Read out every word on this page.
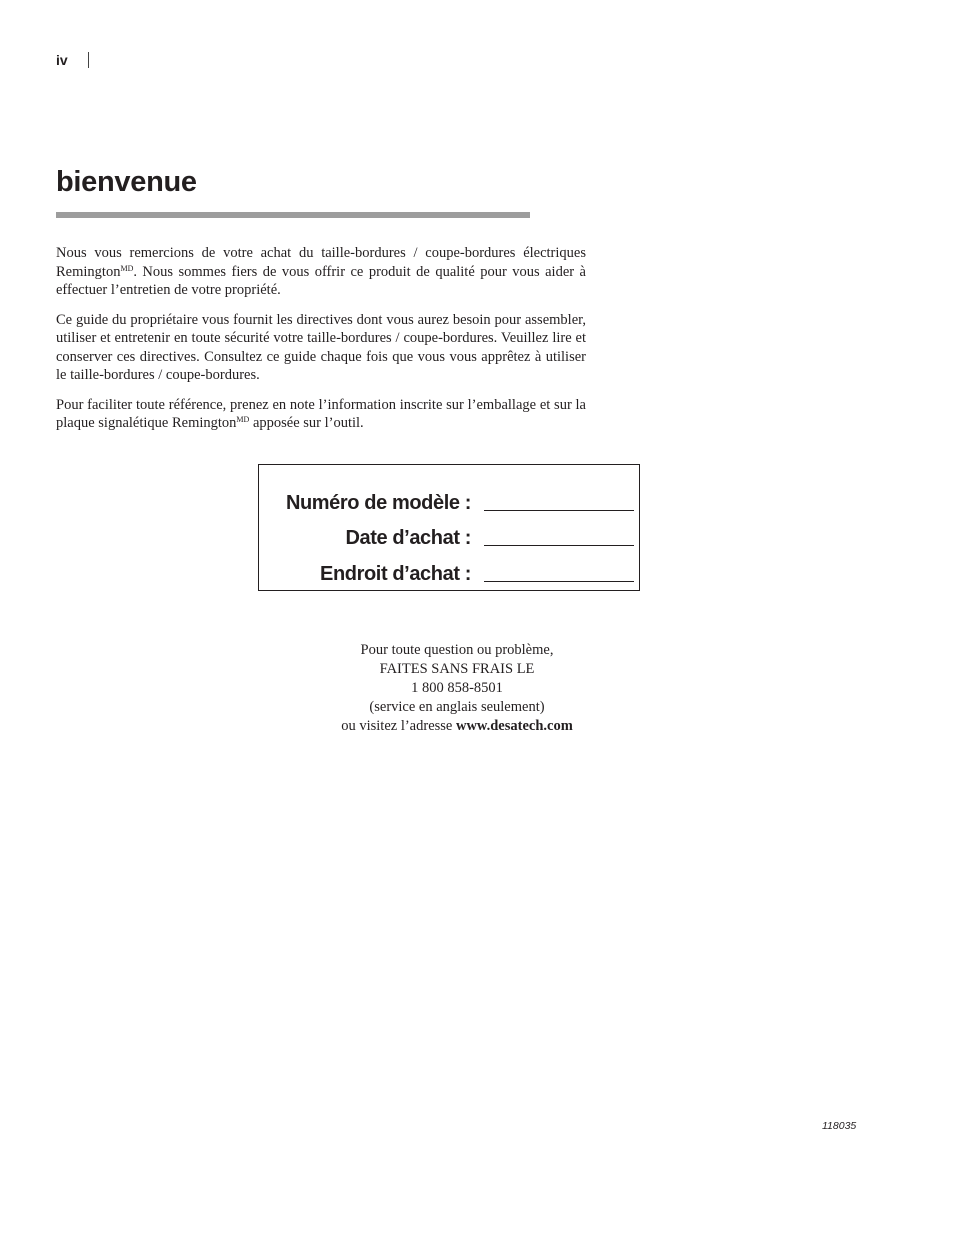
iv
bienvenue

Nous vous remercions de votre achat du taille-bordures / coupe-bordures électriques Remington$^{MD}$. Nous sommes fiers de vous offrir ce produit de qualité pour vous aider à effectuer l’entretien de votre propriété.

Ce guide du propriétaire vous fournit les directives dont vous aurez besoin pour assembler, utiliser et entretenir en toute sécurité votre taille-bordures / coupe-bordures. Veuillez lire et conserver ces directives. Consultez ce guide chaque fois que vous vous apprêtez à utiliser le taille-bordures / coupe-bordures.

Pour faciliter toute référence, prenez en note l’information inscrite sur l’emballage et sur la plaque signalétique Remington$^{MD}$ apposée sur l’outil.

Numéro de modèle :
Date d’achat :
Endroit d’achat :
Pour toute question ou problème,
FAITES SANS FRAIS LE
1 800 858-8501
(service en anglais seulement)
ou visitez l’adresse www.desatech.com
118035
